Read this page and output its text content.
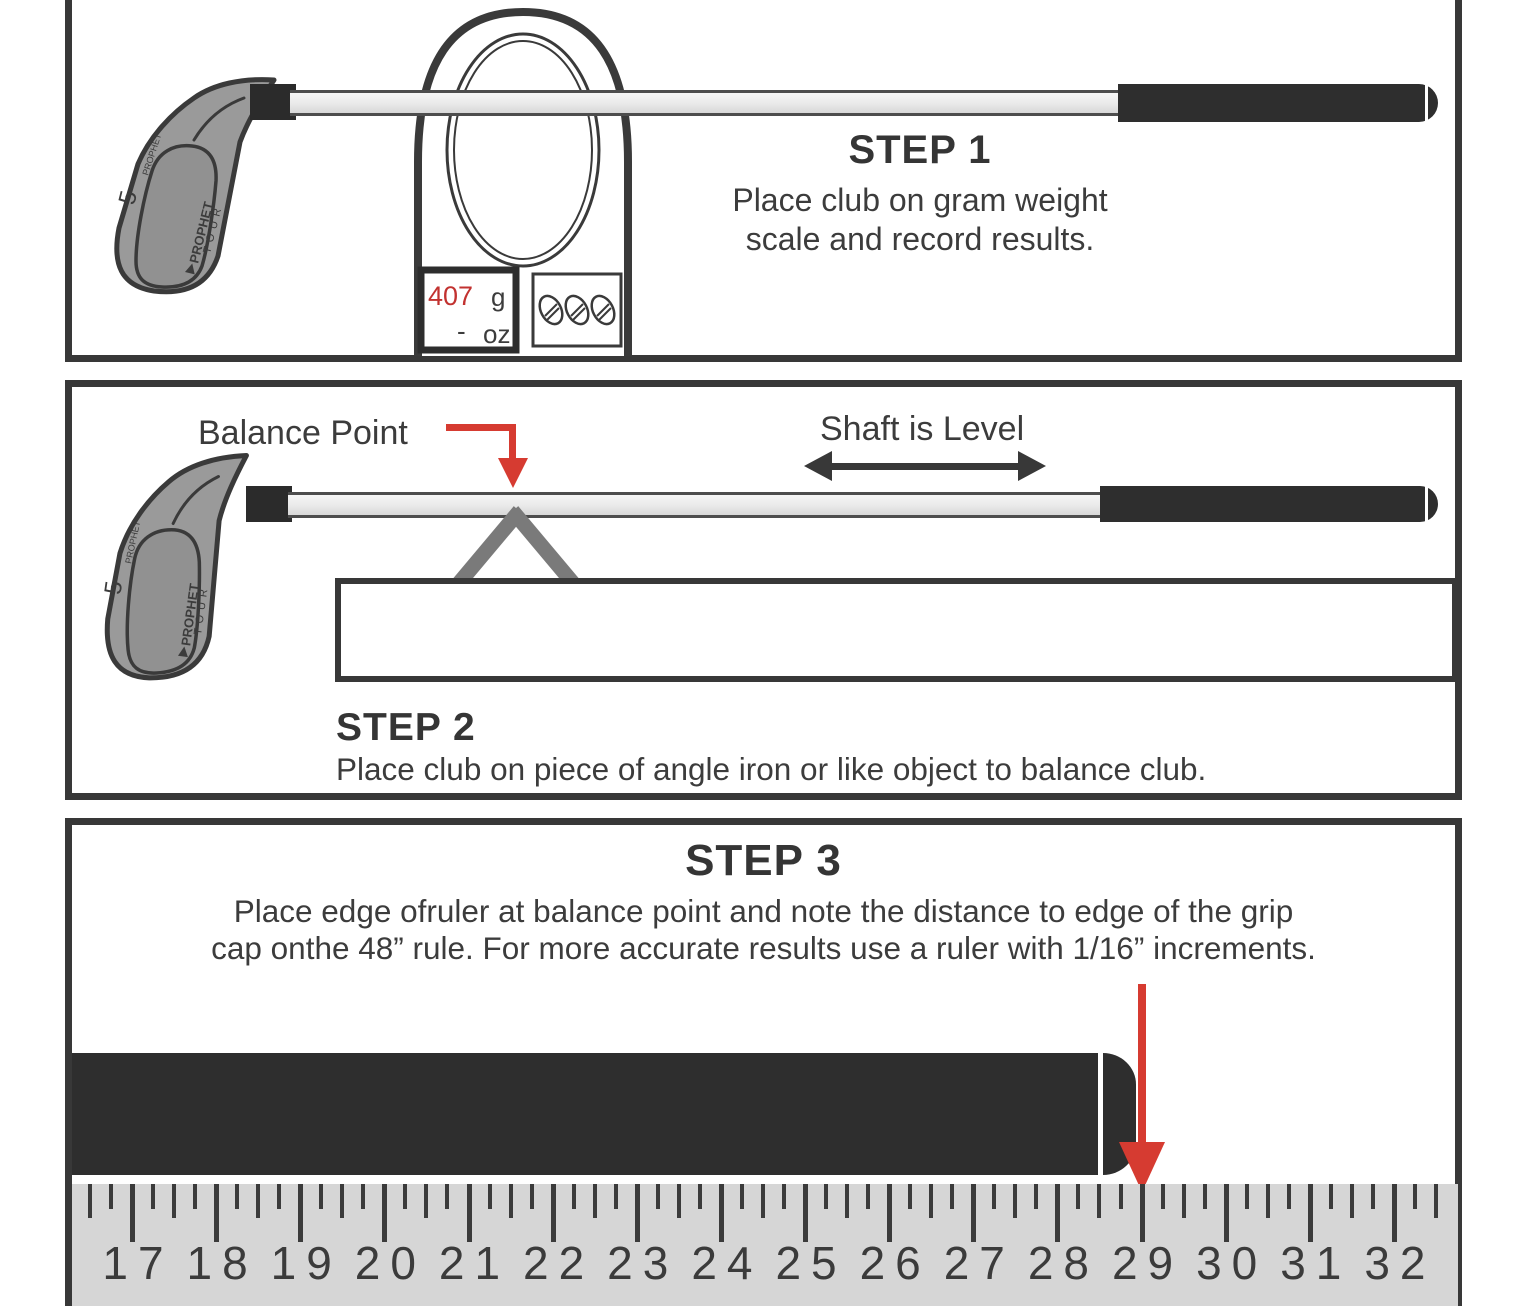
407 g
- oz
STEP 1
Place club on gram weight
scale and record results.
Balance Point	Shaft is Level
STEP 2
Place club on piece of angle iron or like object to balance club.
STEP 3
Place edge ofruler at balance point and note the distance to edge of the grip
cap onthe 48” rule. For more accurate results use a ruler with 1/16” increments.
17 18 19 20 21 22 23 24 25 26 27 28 29 30 31 32
